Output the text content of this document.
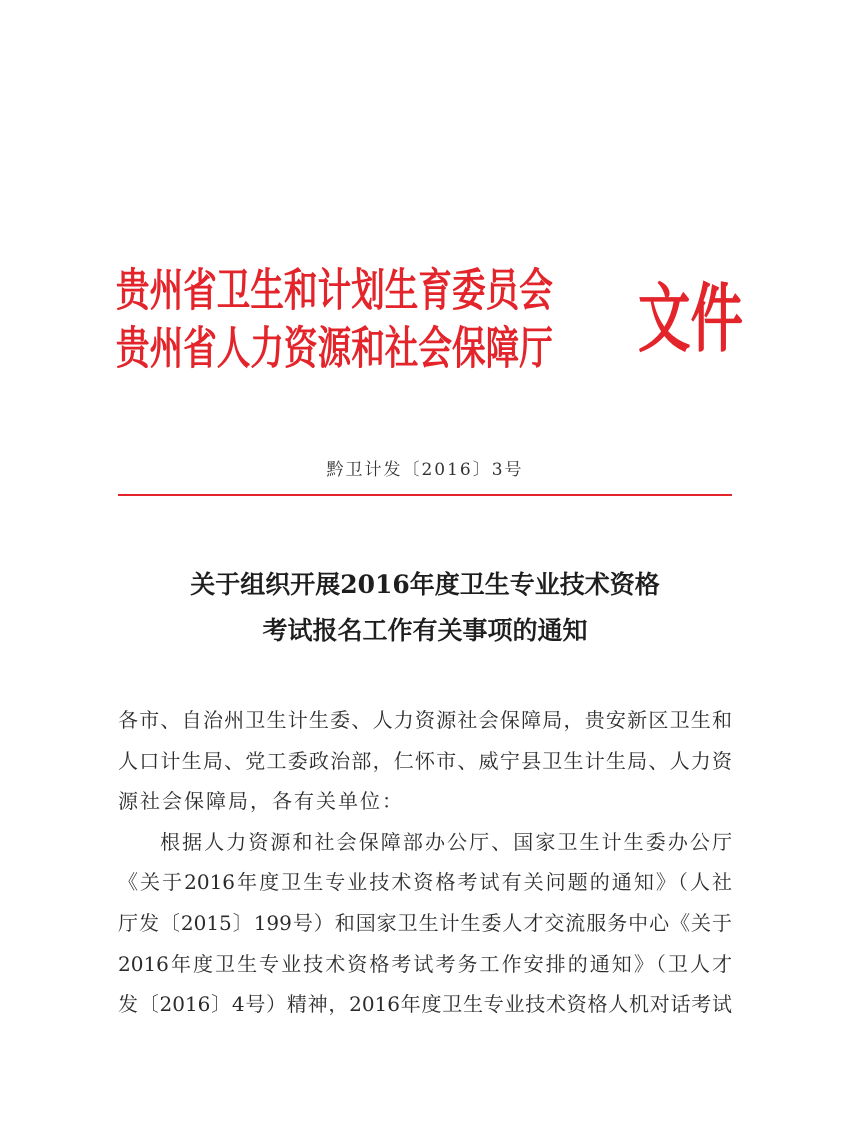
贵州省卫生和计划生育委员会
贵州省人力资源和社会保障厅 文件
黔卫计发〔2016〕3号
关于组织开展2016年度卫生专业技术资格
考试报名工作有关事项的通知
各市、自治州卫生计生委、人力资源社会保障局，贵安新区卫生和
人口计生局、党工委政治部，仁怀市、威宁县卫生计生局、人力资
源社会保障局，各有关单位：
根据人力资源和社会保障部办公厅、国家卫生计生委办公厅
《关于2016年度卫生专业技术资格考试有关问题的通知》（人社
厅发〔2015〕199号）和国家卫生计生委人才交流服务中心《关于
2016年度卫生专业技术资格考试考务工作安排的通知》（卫人才
发〔2016〕4号）精神，2016年度卫生专业技术资格人机对话考试
